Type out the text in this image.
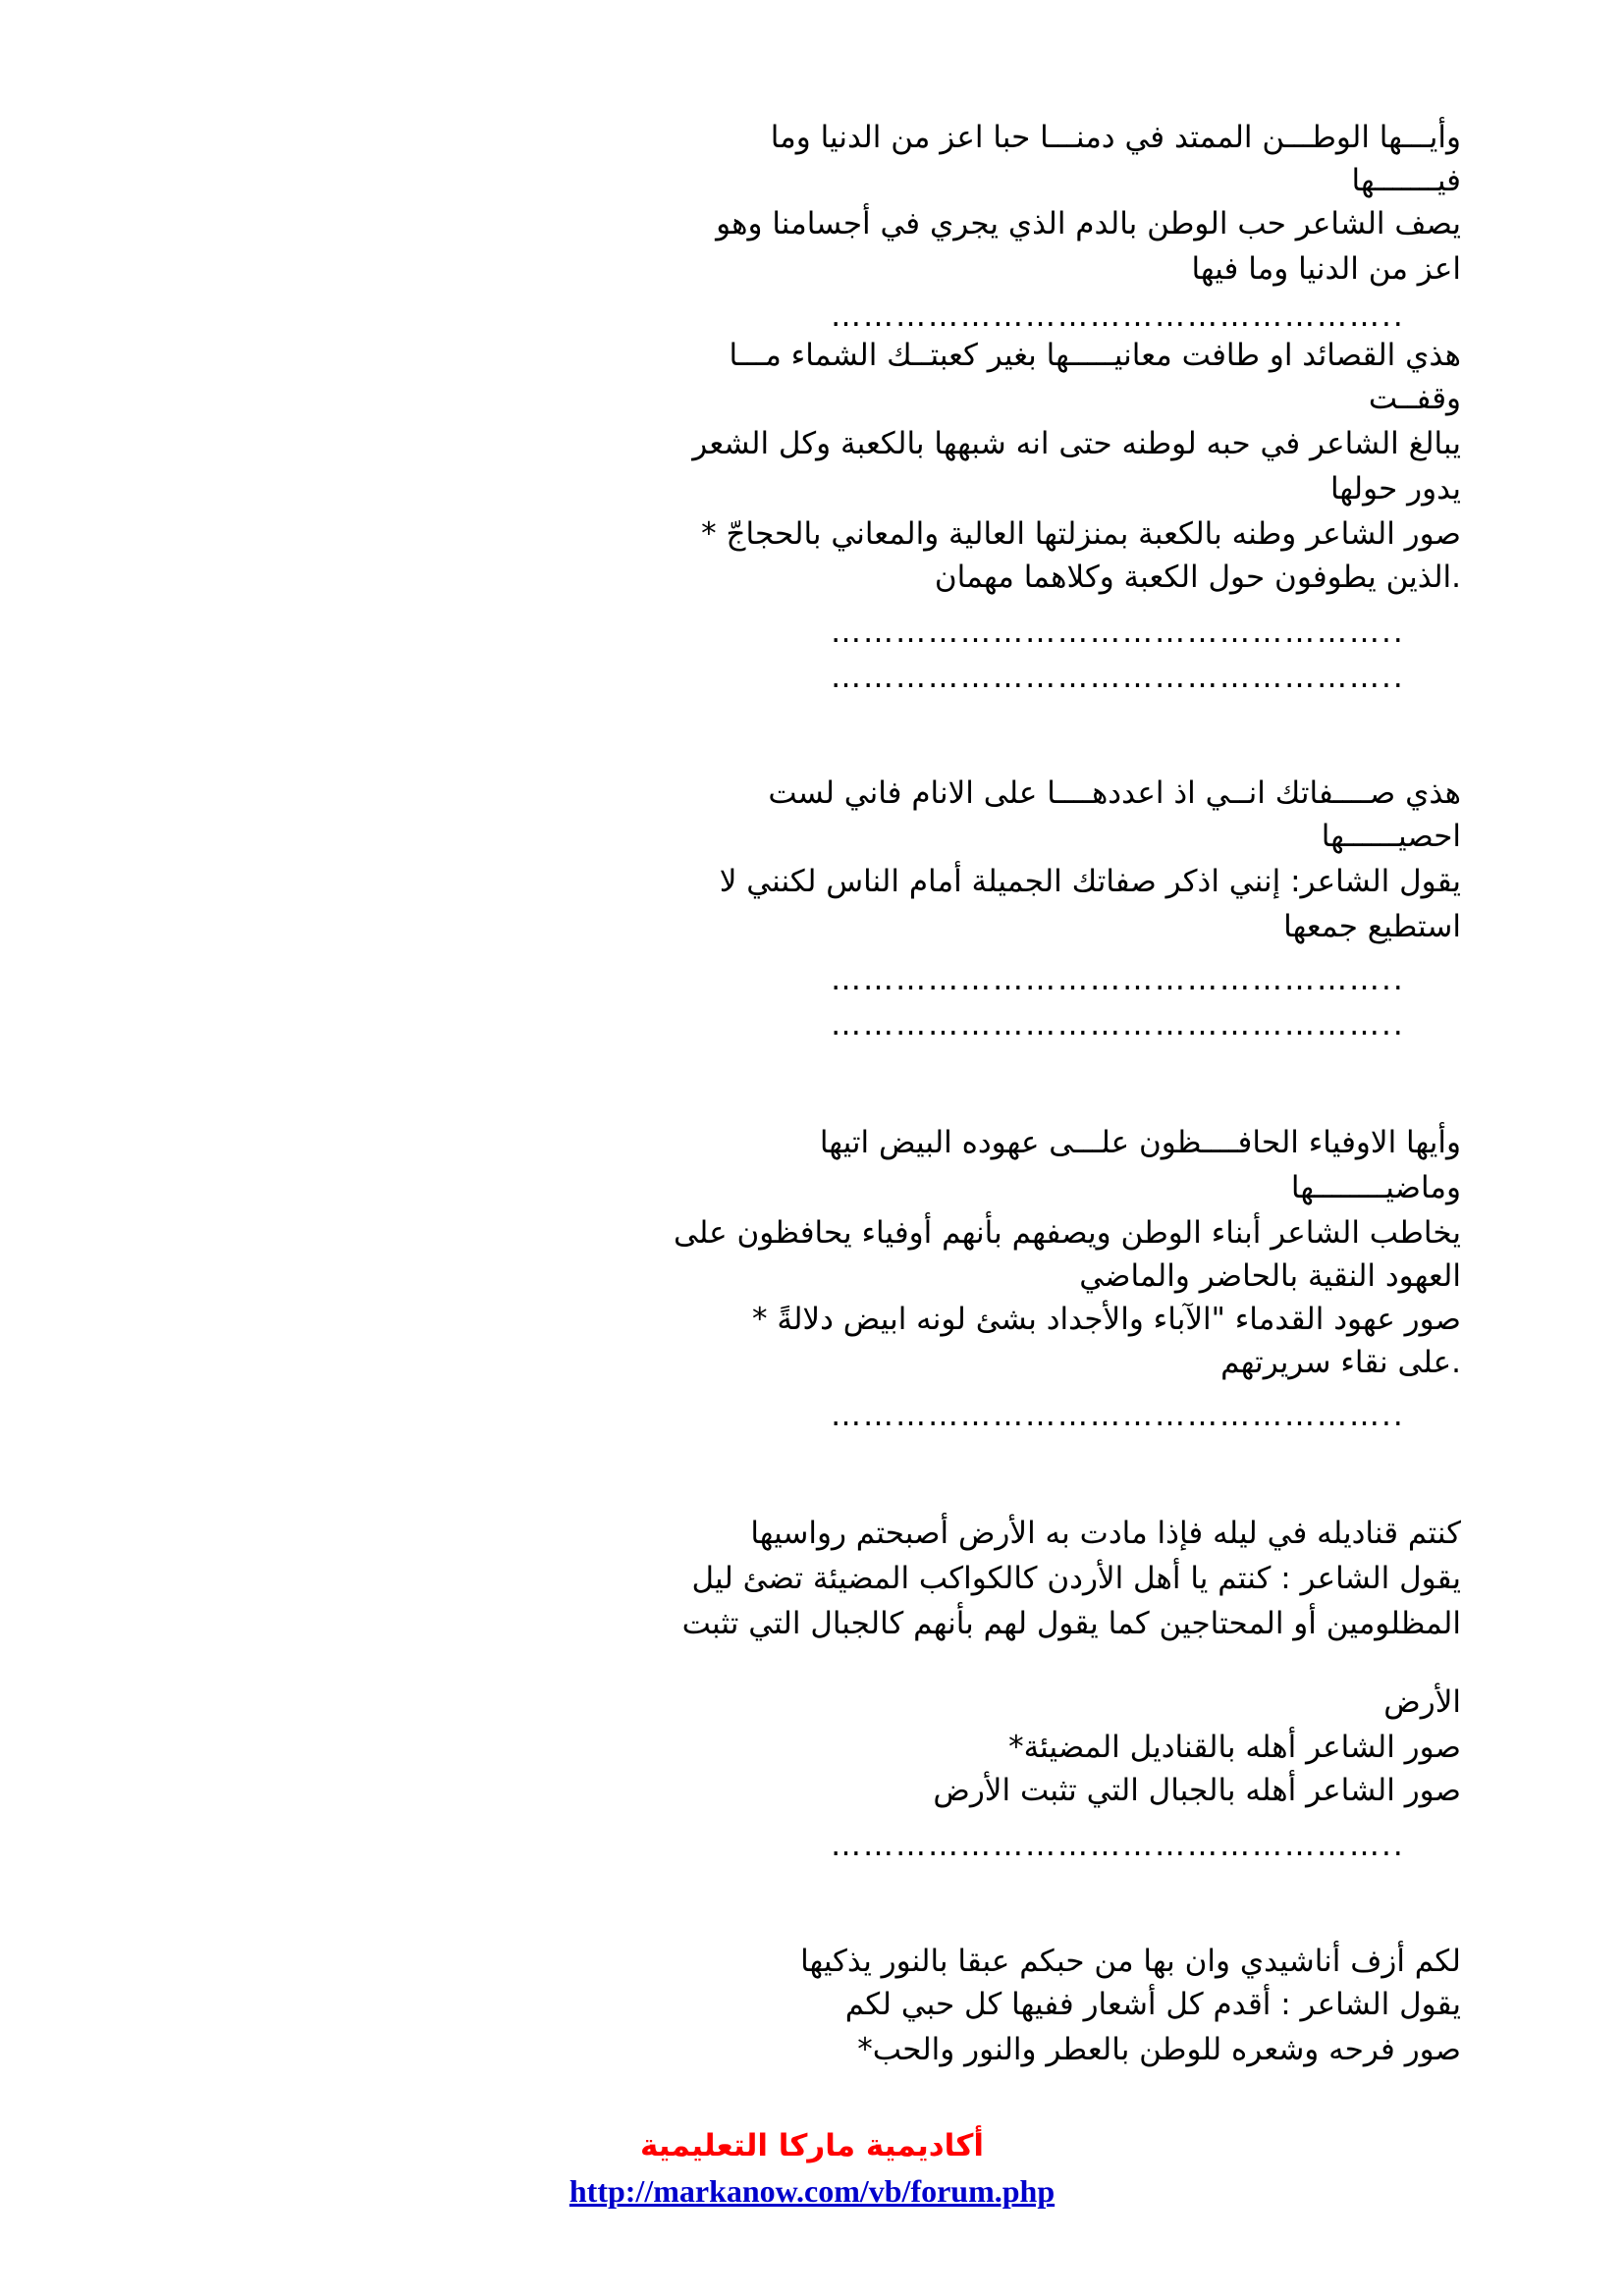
وأيـــها الوطـــن الممتد في دمنـــا حبا اعز من الدنيا وما
فيـــــــها
يصف الشاعر حب الوطن بالدم الذي يجري في أجسامنا وهو
اعز من الدنيا وما فيها
……………………………………………..
هذي القصائد او طافت معانيـــــها بغير كعبتــك الشماء مـــا
وقفــت
يبالغ الشاعر في حبه لوطنه حتى انه شبهها بالكعبة وكل الشعر
يدور حولها
صور الشاعر وطنه بالكعبة بمنزلتها العالية والمعاني بالحجاجّ *
.الذين يطوفون حول الكعبة وكلاهما مهمان
……………………………………………..
……………………………………………..
هذي صــــفاتك انــي اذ اعددهــــا على الانام فاني لست
احصيــــــها
يقول الشاعر: إنني اذكر صفاتك الجميلة أمام الناس لكنني لا
استطيع جمعها
……………………………………………..
……………………………………………..
وأيها الاوفياء الحافــــظون علـــى عهوده البيض اتيها
وماضيــــــــها
يخاطب الشاعر أبناء الوطن ويصفهم بأنهم أوفياء يحافظون على
العهود النقية بالحاضر والماضي
صور عهود القدماء "الآباء والأجداد بشئ لونه ابيض دلالةً *
.على نقاء سريرتهم
……………………………………………..
كنتم قناديله في ليله فإذا مادت به الأرض أصبحتم رواسيها
يقول الشاعر : كنتم يا أهل الأردن كالكواكب المضيئة تضئ ليل
المظلومين أو المحتاجين كما يقول لهم بأنهم كالجبال التي تثبت
الأرض
صور الشاعر أهله بالقناديل المضيئة*
صور الشاعر أهله بالجبال التي تثبت الأرض
……………………………………………..
لكم أزف أناشيدي وان بها من حبكم عبقا بالنور يذكيها
يقول الشاعر : أقدم كل أشعار ففيها كل حبي لكم
صور فرحه وشعره للوطن بالعطر والنور والحب*
أكاديمية ماركا التعليمية
http://markanow.com/vb/forum.php
